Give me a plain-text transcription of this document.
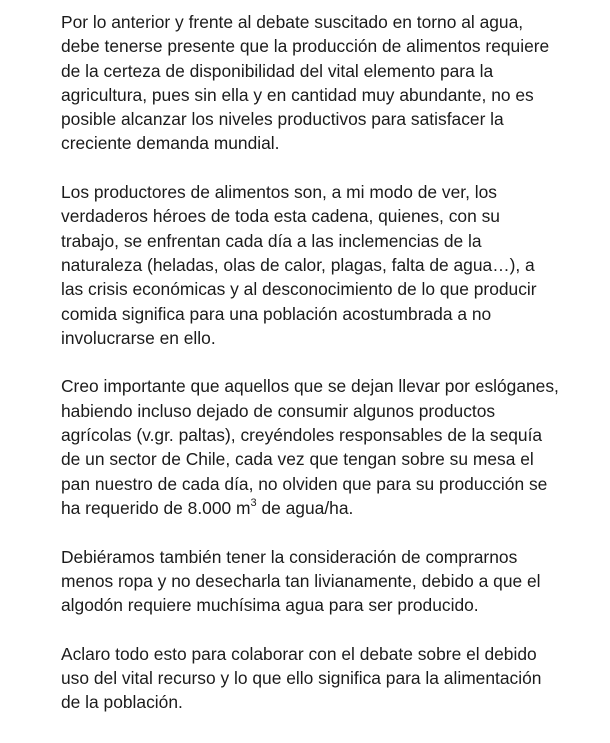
Por lo anterior y frente al debate suscitado en torno al agua, debe tenerse presente que la producción de alimentos requiere de la certeza de disponibilidad del vital elemento para la agricultura, pues sin ella y en cantidad muy abundante, no es posible alcanzar los niveles productivos para satisfacer la creciente demanda mundial.

Los productores de alimentos son, a mi modo de ver, los verdaderos héroes de toda esta cadena, quienes, con su trabajo, se enfrentan cada día a las inclemencias de la naturaleza (heladas, olas de calor, plagas, falta de agua…), a las crisis económicas y al desconocimiento de lo que producir comida significa para una población acostumbrada a no involucrarse en ello.

Creo importante que aquellos que se dejan llevar por eslóganes, habiendo incluso dejado de consumir algunos productos agrícolas (v.gr. paltas), creyéndoles responsables de la sequía de un sector de Chile, cada vez que tengan sobre su mesa el pan nuestro de cada día, no olviden que para su producción se ha requerido de 8.000 $m^3$ de agua/ha.

Debiéramos también tener la consideración de comprarnos menos ropa y no desecharla tan livianamente, debido a que el algodón requiere muchísima agua para ser producido.

Aclaro todo esto para colaborar con el debate sobre el debido uso del vital recurso y lo que ello significa para la alimentación de la población.
